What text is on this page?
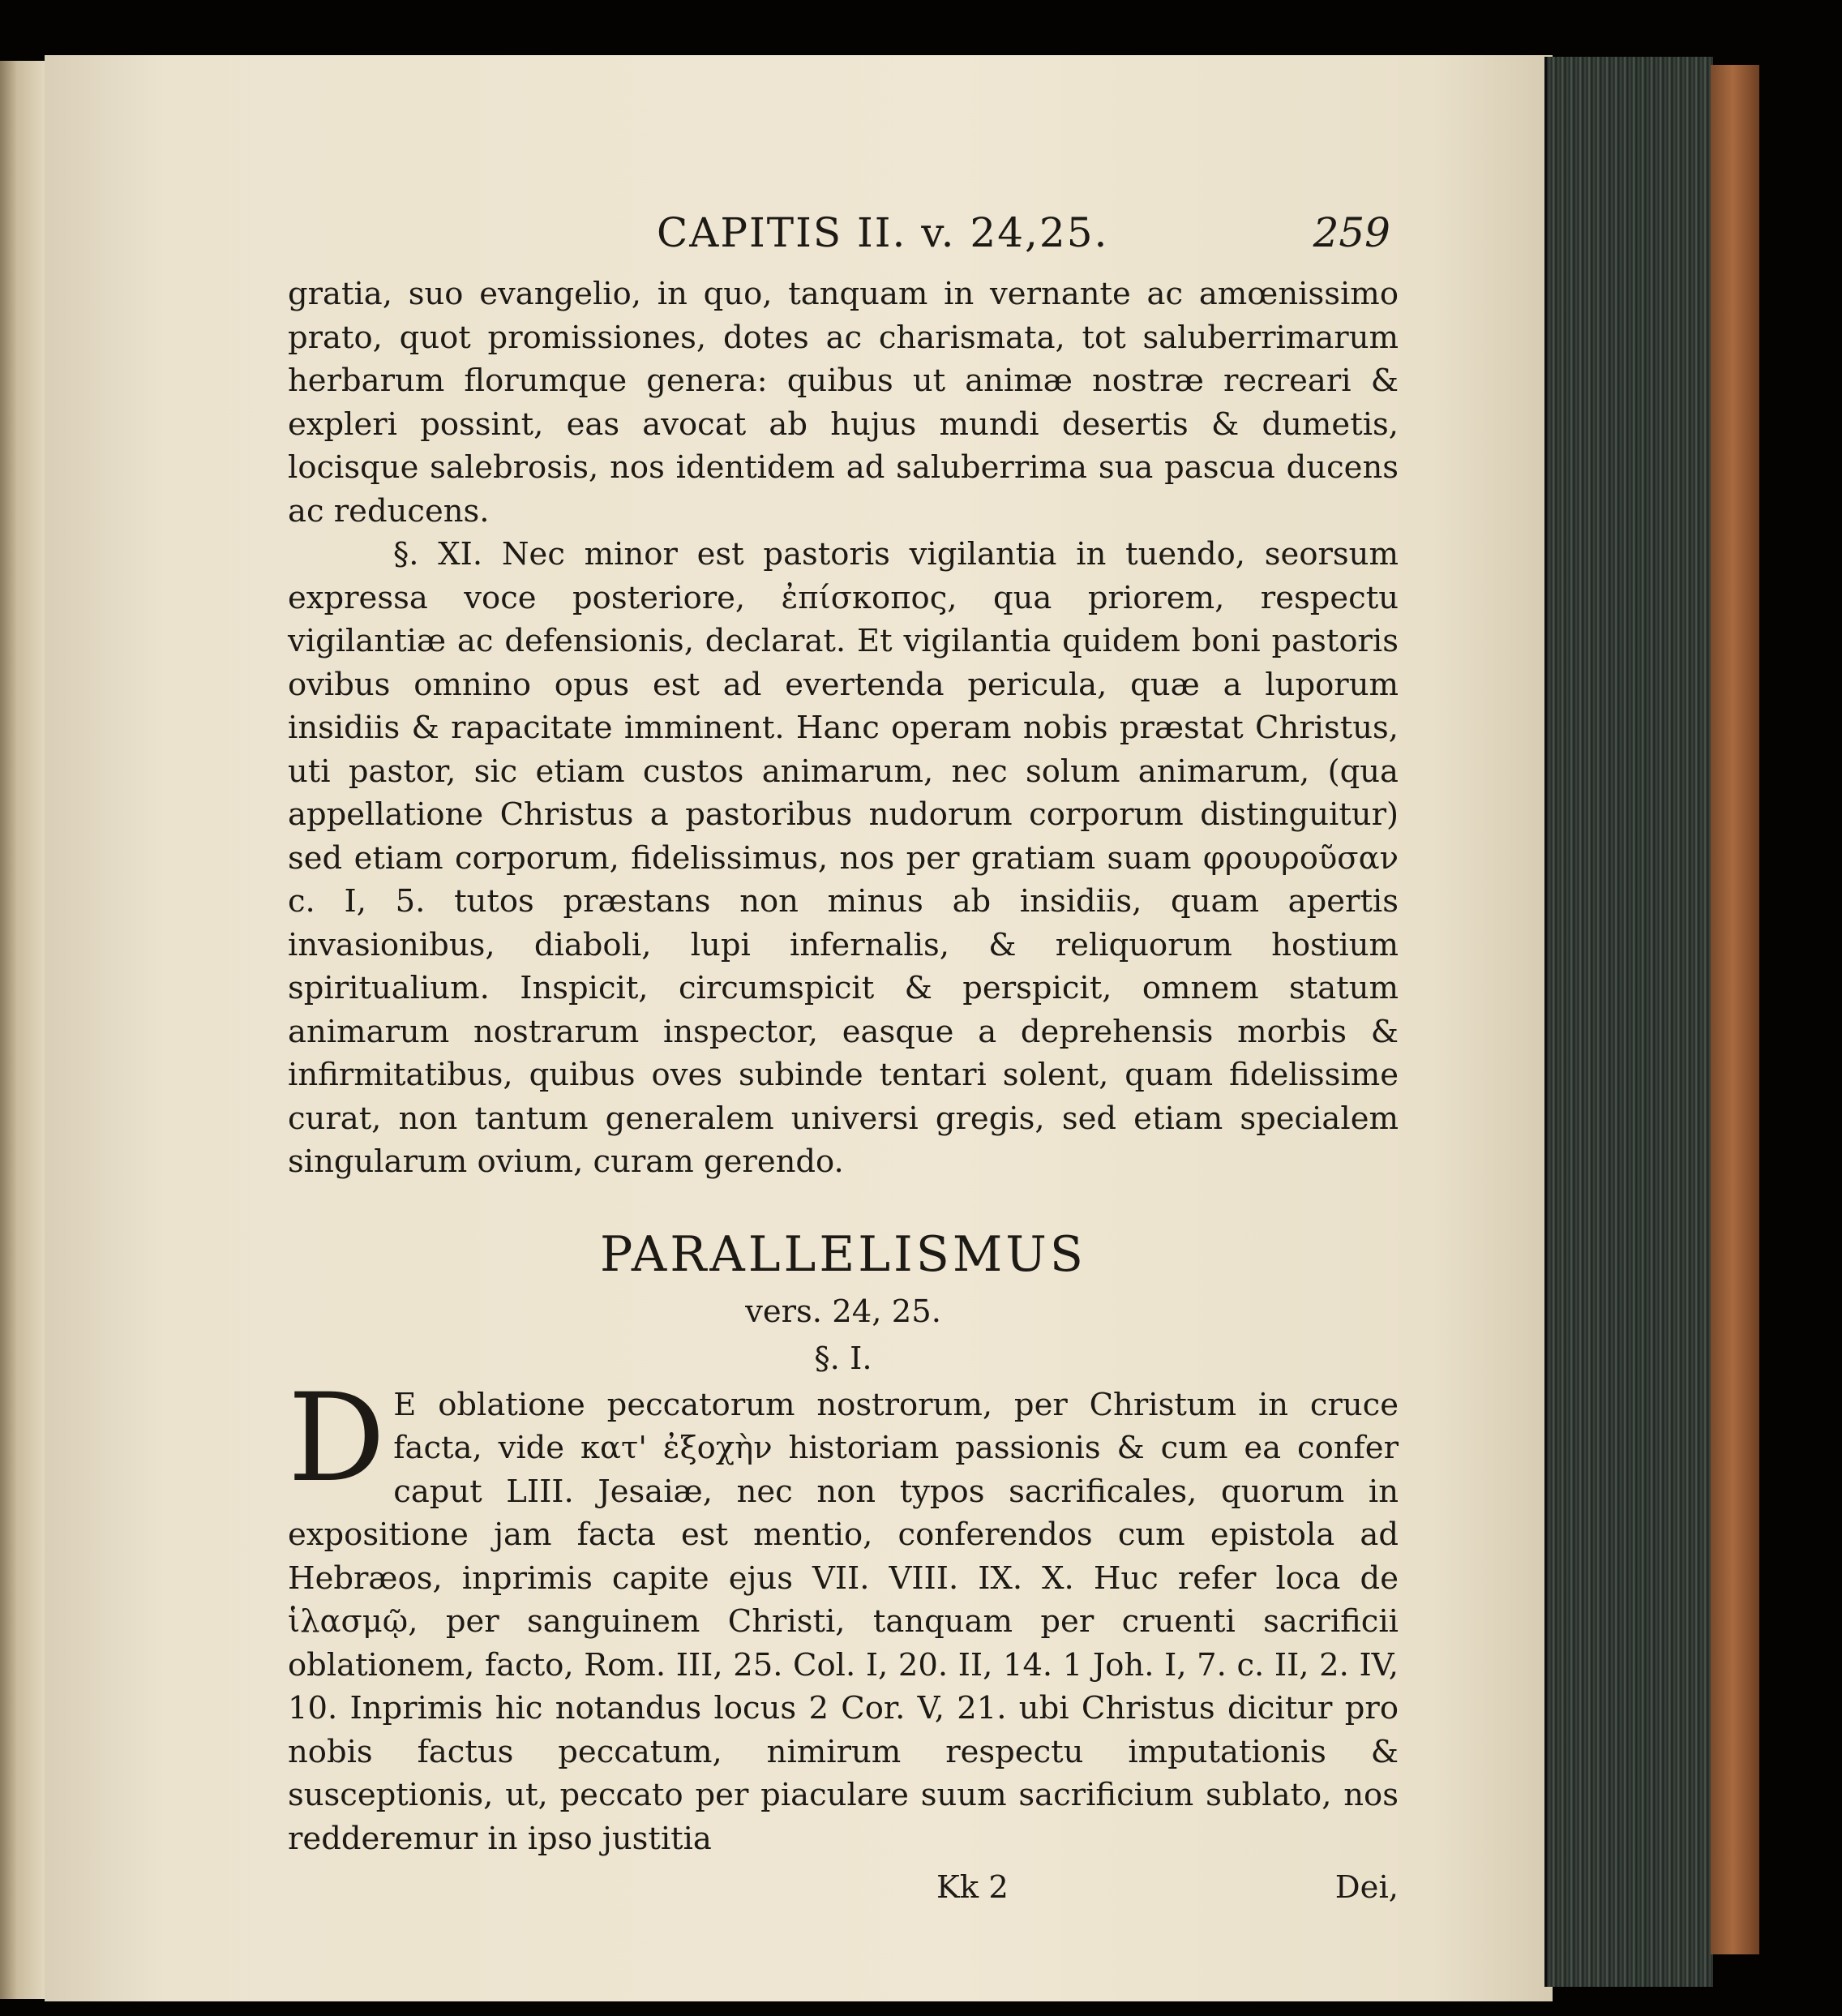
CAPITIS II. v. 24,25.	259

gratia, suo evangelio, in quo, tanquam in vernante ac amœnissimo prato, quot promissiones, dotes ac charismata, tot saluberrimarum herbarum florumque genera: quibus ut animæ nostræ recreari & expleri possint, eas avocat ab hujus mundi desertis & dumetis, locisque salebrosis, nos identidem ad saluberrima sua pascua ducens ac reducens.

§. XI. Nec minor est pastoris vigilantia in tuendo, seorsum expressa voce posteriore, ἐπίσκοπος, qua priorem, respectu vigilantiæ ac defensionis, declarat. Et vigilantia quidem boni pastoris ovibus omnino opus est ad evertenda pericula, quæ a luporum insidiis & rapacitate imminent. Hanc operam nobis præstat Christus, uti pastor, sic etiam custos animarum, nec solum animarum, (qua appellatione Christus a pastoribus nudorum corporum distinguitur) sed etiam corporum, fidelissimus, nos per gratiam suam φρουροῦσαν c. I, 5. tutos præstans non minus ab insidiis, quam apertis invasionibus, diaboli, lupi infernalis, & reliquorum hostium spiritualium. Inspicit, circumspicit & perspicit, omnem statum animarum nostrarum inspector, easque a deprehensis morbis & infirmitatibus, quibus oves subinde tentari solent, quam fidelissime curat, non tantum generalem universi gregis, sed etiam specialem singularum ovium, curam gerendo.

PARALLELISMUS
vers. 24, 25.
§. I.

D E oblatione peccatorum nostrorum, per Christum in cruce facta, vide κατ' ἐξοχὴν historiam passionis & cum ea confer caput LIII. Jesaiæ, nec non typos sacrificales, quorum in expositione jam facta est mentio, conferendos cum epistola ad Hebræos, inprimis capite ejus VII. VIII. IX. X. Huc refer loca de ἱλασμῷ, per sanguinem Christi, tanquam per cruenti sacrificii oblationem, facto, Rom. III, 25. Col. I, 20. II, 14. 1 Joh. I, 7. c. II, 2. IV, 10. Inprimis hic notandus locus 2 Cor. V, 21. ubi Christus dicitur pro nobis factus peccatum, nimirum respectu imputationis & susceptionis, ut, peccato per piaculare suum sacrificium sublato, nos redderemur in ipso justitia

Kk 2	Dei,
